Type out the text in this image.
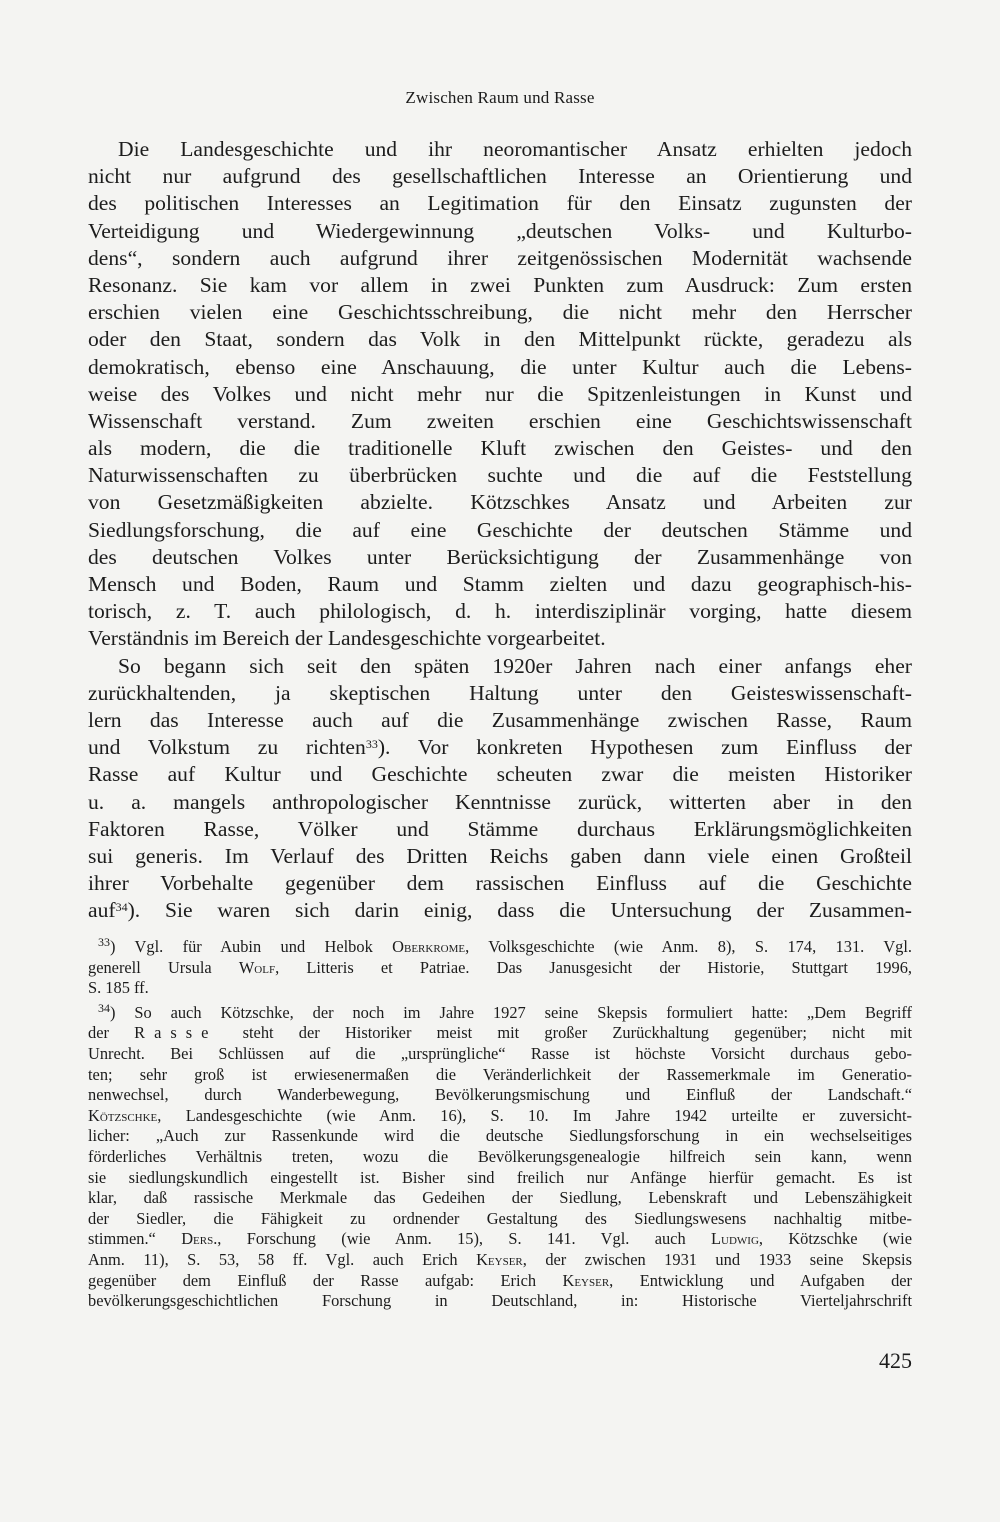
Zwischen Raum und Rasse
Die Landesgeschichte und ihr neoromantischer Ansatz erhielten jedoch
nicht nur aufgrund des gesellschaftlichen Interesse an Orientierung und
des politischen Interesses an Legitimation für den Einsatz zugunsten der
Verteidigung und Wiedergewinnung „deutschen Volks- und Kulturbo-
dens“, sondern auch aufgrund ihrer zeitgenössischen Modernität wachsende
Resonanz. Sie kam vor allem in zwei Punkten zum Ausdruck: Zum ersten
erschien vielen eine Geschichtsschreibung, die nicht mehr den Herrscher
oder den Staat, sondern das Volk in den Mittelpunkt rückte, geradezu als
demokratisch, ebenso eine Anschauung, die unter Kultur auch die Lebens-
weise des Volkes und nicht mehr nur die Spitzenleistungen in Kunst und
Wissenschaft verstand. Zum zweiten erschien eine Geschichtswissenschaft
als modern, die die traditionelle Kluft zwischen den Geistes- und den
Naturwissenschaften zu überbrücken suchte und die auf die Feststellung
von Gesetzmäßigkeiten abzielte. Kötzschkes Ansatz und Arbeiten zur
Siedlungsforschung, die auf eine Geschichte der deutschen Stämme und
des deutschen Volkes unter Berücksichtigung der Zusammenhänge von
Mensch und Boden, Raum und Stamm zielten und dazu geographisch-his-
torisch, z. T. auch philologisch, d. h. interdisziplinär vorging, hatte diesem
Verständnis im Bereich der Landesgeschichte vorgearbeitet.
So begann sich seit den späten 1920er Jahren nach einer anfangs eher
zurückhaltenden, ja skeptischen Haltung unter den Geisteswissenschaft-
lern das Interesse auch auf die Zusammenhänge zwischen Rasse, Raum
und Volkstum zu richten$^{33}$). Vor konkreten Hypothesen zum Einfluss der
Rasse auf Kultur und Geschichte scheuten zwar die meisten Historiker
u. a. mangels anthropologischer Kenntnisse zurück, witterten aber in den
Faktoren Rasse, Völker und Stämme durchaus Erklärungsmöglichkeiten
sui generis. Im Verlauf des Dritten Reichs gaben dann viele einen Großteil
ihrer Vorbehalte gegenüber dem rassischen Einfluss auf die Geschichte
auf$^{34}$). Sie waren sich darin einig, dass die Untersuchung der Zusammen-
$^{33}$) Vgl. für Aubin und Helbok Oberkrome, Volksgeschichte (wie Anm. 8), S. 174, 131. Vgl.
generell Ursula Wolf, Litteris et Patriae. Das Janusgesicht der Historie, Stuttgart 1996,
S. 185 ff.
$^{34}$) So auch Kötzschke, der noch im Jahre 1927 seine Skepsis formuliert hatte: „Dem Begriff
der Rasse steht der Historiker meist mit großer Zurückhaltung gegenüber; nicht mit
Unrecht. Bei Schlüssen auf die „ursprüngliche“ Rasse ist höchste Vorsicht durchaus gebo-
ten; sehr groß ist erwiesenermaßen die Veränderlichkeit der Rassemerkmale im Generatio-
nenwechsel, durch Wanderbewegung, Bevölkerungsmischung und Einfluß der Landschaft.“
Kötzschke, Landesgeschichte (wie Anm. 16), S. 10. Im Jahre 1942 urteilte er zuversicht-
licher: „Auch zur Rassenkunde wird die deutsche Siedlungsforschung in ein wechselseitiges
förderliches Verhältnis treten, wozu die Bevölkerungsgenealogie hilfreich sein kann, wenn
sie siedlungskundlich eingestellt ist. Bisher sind freilich nur Anfänge hierfür gemacht. Es ist
klar, daß rassische Merkmale das Gedeihen der Siedlung, Lebenskraft und Lebenszähigkeit
der Siedler, die Fähigkeit zu ordnender Gestaltung des Siedlungswesens nachhaltig mitbe-
stimmen.“ Ders., Forschung (wie Anm. 15), S. 141. Vgl. auch Ludwig, Kötzschke (wie
Anm. 11), S. 53, 58 ff. Vgl. auch Erich Keyser, der zwischen 1931 und 1933 seine Skepsis
gegenüber dem Einfluß der Rasse aufgab: Erich Keyser, Entwicklung und Aufgaben der
bevölkerungsgeschichtlichen Forschung in Deutschland, in: Historische Vierteljahrschrift
425
